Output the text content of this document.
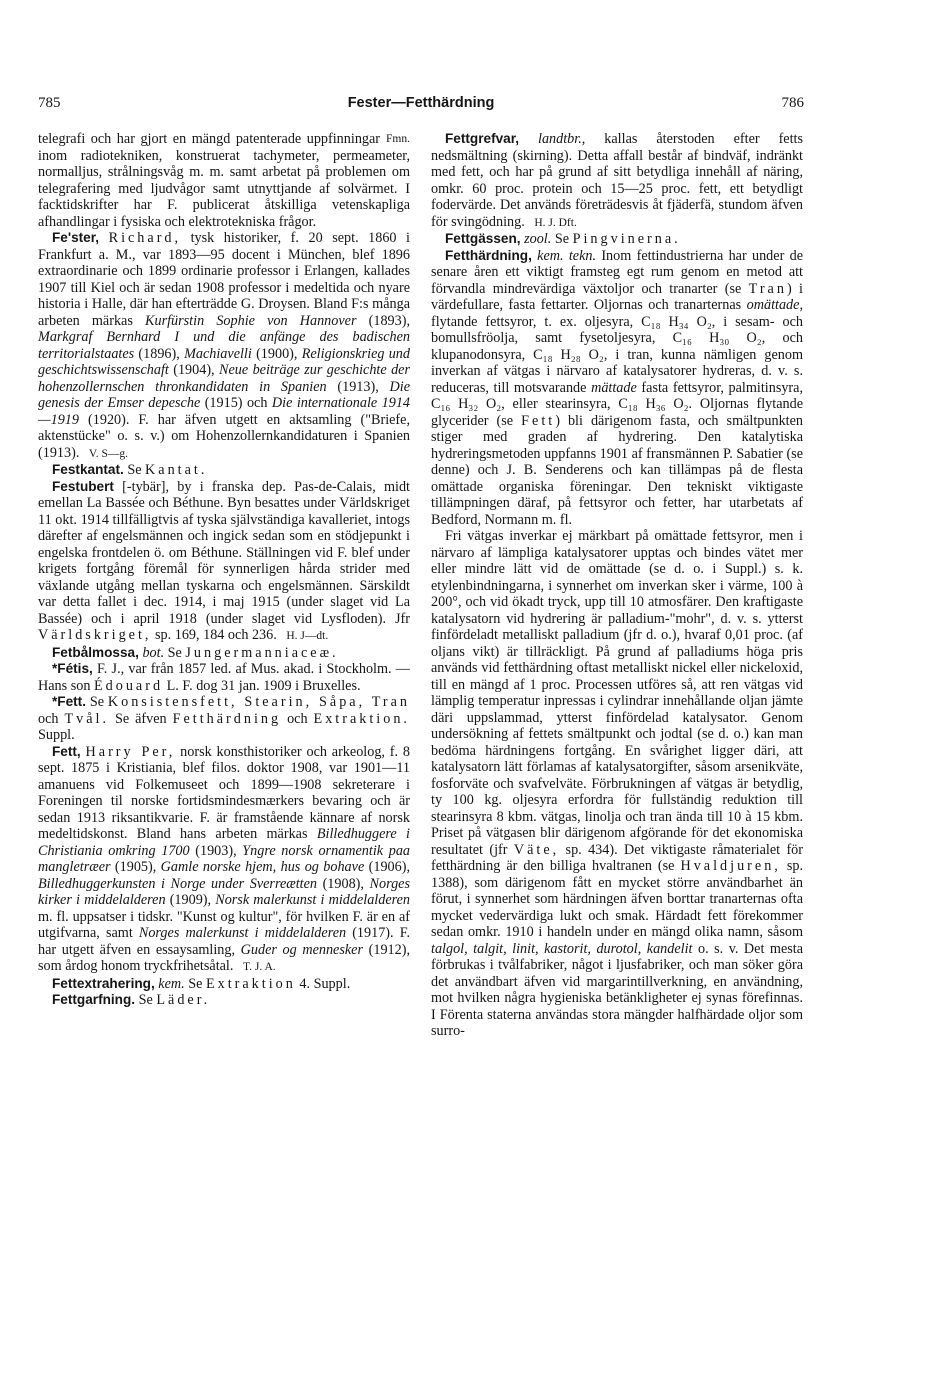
785	Fester—Fetthärdning	786

Fmn.
telegrafi och har gjort en mängd patenterade uppfinningar inom radiotekniken, konstruerat tachymeter, permeameter, normalljus, strålningsvåg m. m. samt arbetat på problemen om telegrafering med ljudvågor samt utnyttjande af solvärmet. I facktidskrifter har F. publicerat åtskilliga vetenskapliga afhandlingar i fysiska och elektrotekniska frågor.

Fe'ster, Richard, tysk historiker, f. 20 sept. 1860 i Frankfurt a. M., var 1893—95 docent i München, blef 1896 extraordinarie och 1899 ordinarie professor i Erlangen, kallades 1907 till Kiel och är sedan 1908 professor i medeltida och nyare historia i Halle, där han efterträdde G. Droysen. Bland F:s många arbeten märkas Kurfürstin Sophie von Hannover (1893), Markgraf Bernhard I und die anfänge des badischen territorialstaates (1896), Machiavelli (1900), Religionskrieg und geschichtswissenschaft (1904), Neue beiträge zur geschichte der hohenzollernschen thronkandidaten in Spanien (1913), Die genesis der Emser depesche (1915) och Die internationale 1914—1919 (1920). F. har äfven utgett en aktsamling ("Briefe, aktenstücke" o. s. v.) om Hohenzollernkandidaturen i Spanien (1913). V. S—g.

Festkantat. Se Kantat.

Festubert [-tybär], by i franska dep. Pas-de-Calais, midt emellan La Bassée och Béthune. Byn besattes under Världskriget 11 okt. 1914 tillfälligtvis af tyska självständiga kavalleriet, intogs därefter af engelsmännen och ingick sedan som en stödjepunkt i engelska frontdelen ö. om Béthune. Ställningen vid F. blef under krigets fortgång föremål för synnerligen hårda strider med växlande utgång mellan tyskarna och engelsmännen. Särskildt var detta fallet i dec. 1914, i maj 1915 (under slaget vid La Bassée) och i april 1918 (under slaget vid Lysfloden). Jfr Världskriget, sp. 169, 184 och 236. H. J—dt.

Fetbålmossa, bot. Se Jungermanniaceæ.

*Fétis, F. J., var från 1857 led. af Mus. akad. i Stockholm. — Hans son Édouard L. F. dog 31 jan. 1909 i Bruxelles.

*Fett. Se Konsistensfett, Stearin, Såpa, Tran och Tvål. Se äfven Fetthärdning och Extraktion. Suppl.

Fett, Harry Per, norsk konsthistoriker och arkeolog, f. 8 sept. 1875 i Kristiania, blef filos. doktor 1908, var 1901—11 amanuens vid Folkemuseet och 1899—1908 sekreterare i Foreningen til norske fortidsmindesmærkers bevaring och är sedan 1913 riksantikvarie. F. är framstående kännare af norsk medeltidskonst. Bland hans arbeten märkas Billedhuggere i Christiania omkring 1700 (1903), Yngre norsk ornamentik paa mangletræer (1905), Gamle norske hjem, hus og bohave (1906), Billedhuggerkunsten i Norge under Sverreætten (1908), Norges kirker i middelalderen (1909), Norsk malerkunst i middelalderen m. fl. uppsatser i tidskr. "Kunst og kultur", för hvilken F. är en af utgifvarna, samt Norges malerkunst i middelalderen (1917). F. har utgett äfven en essaysamling, Guder og mennesker (1912), som årdog honom tryckfrihetsåtal. T. J. A.

Fettextrahering, kem. Se Extraktion 4. Suppl.

Fettgarfning. Se Läder.

Fettgrefvar, landtbr., kallas återstoden efter fetts nedsmältning (skirning). Detta affall består af bindväf, indränkt med fett, och har på grund af sitt betydliga innehåll af näring, omkr. 60 proc. protein och 15—25 proc. fett, ett betydligt fodervärde. Det används företrädesvis åt fjäderfä, stundom äfven för svingödning. H. J. Dft.

Fettgässen, zool. Se Pingvinerna.

Fetthärdning, kem. tekn. Inom fettindustrierna har under de senare åren ett viktigt framsteg egt rum genom en metod att förvandla mindrevärdiga växtoljor och tranarter (se Tran) i värdefullare, fasta fettarter. Oljornas och tranarternas omättade, flytande fettsyror, t. ex. oljesyra, C₁₈ H₃₄ O₂, i sesam- och bomullsfröolja, samt fysetoljesyra, C₁₆ H₃₀ O₂, och klupanodonsyra, C₁₈ H₂₈ O₂, i tran, kunna nämligen genom inverkan af vätgas i närvaro af katalysatorer hydreras, d. v. s. reduceras, till motsvarande mättade fasta fettsyror, palmitinsyra, C₁₆ H₃₂ O₂, eller stearinsyra, C₁₈ H₃₆ O₂. Oljornas flytande glycerider (se Fett) bli därigenom fasta, och smältpunkten stiger med graden af hydrering. Den katalytiska hydreringsmetoden uppfanns 1901 af fransmännen P. Sabatier (se denne) och J. B. Senderens och kan tillämpas på de flesta omättade organiska föreningar. Den tekniskt viktigaste tillämpningen däraf, på fettsyror och fetter, har utarbetats af Bedford, Normann m. fl.

Fri vätgas inverkar ej märkbart på omättade fettsyror, men i närvaro af lämpliga katalysatorer upptas och bindes vätet mer eller mindre lätt vid de omättade (se d. o. i Suppl.) s. k. etylenbindningarna, i synnerhet om inverkan sker i värme, 100 à 200°, och vid ökadt tryck, upp till 10 atmosfärer. Den kraftigaste katalysatorn vid hydrering är palladium-"mohr", d. v. s. ytterst finfördeladt metalliskt palladium (jfr d. o.), hvaraf 0,01 proc. (af oljans vikt) är tillräckligt. På grund af palladiums höga pris används vid fetthärdning oftast metalliskt nickel eller nickeloxid, till en mängd af 1 proc. Processen utföres så, att ren vätgas vid lämplig temperatur inpressas i cylindrar innehållande oljan jämte däri uppslammad, ytterst finfördelad katalysator. Genom undersökning af fettets smältpunkt och jodtal (se d. o.) kan man bedöma härdningens fortgång. En svårighet ligger däri, att katalysatorn lätt förlamas af katalysatorgifter, såsom arsenikväte, fosforväte och svafvelväte. Förbrukningen af vätgas är betydlig, ty 100 kg. oljesyra erfordra för fullständig reduktion till stearinsyra 8 kbm. vätgas, linolja och tran ända till 10 à 15 kbm. Priset på vätgasen blir därigenom afgörande för det ekonomiska resultatet (jfr Väte, sp. 434). Det viktigaste råmaterialet för fetthärdning är den billiga hvaltranen (se Hvaldjuren, sp. 1388), som därigenom fått en mycket större användbarhet än förut, i synnerhet som härdningen äfven borttar tranarternas ofta mycket vedervärdiga lukt och smak. Härdadt fett förekommer sedan omkr. 1910 i handeln under en mängd olika namn, såsom talgol, talgit, linit, kastorit, durotol, kandelit o. s. v. Det mesta förbrukas i tvålfabriker, något i ljusfabriker, och man söker göra det användbart äfven vid margarintillverkning, en användning, mot hvilken några hygieniska betänkligheter ej synas förefinnas. I Förenta staterna användas stora mängder halfhärdade oljor som surro-
